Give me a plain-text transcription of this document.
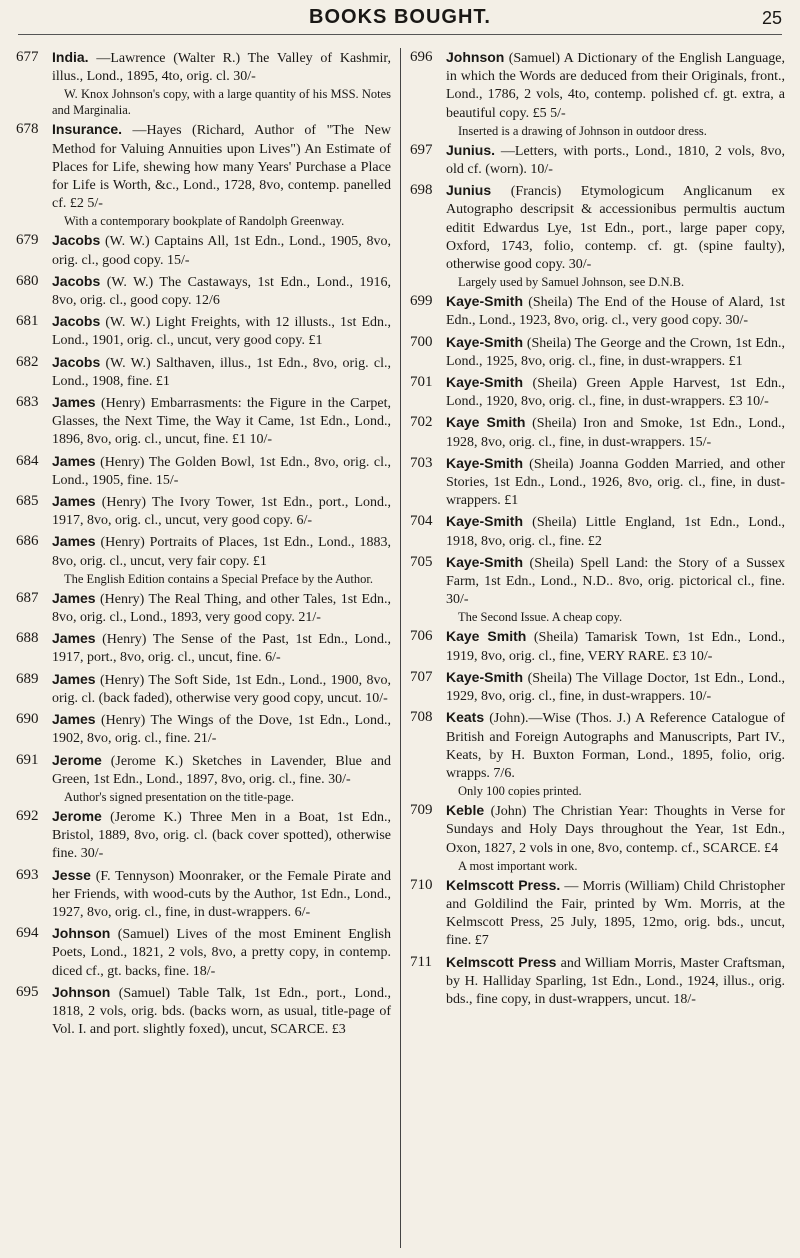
BOOKS BOUGHT.	25
677 India. —Lawrence (Walter R.) The Valley of Kashmir, illus., Lond., 1895, 4to, orig. cl. 30/-
W. Knox Johnson's copy, with a large quantity of his MSS. Notes and Marginalia.
678 Insurance. —Hayes (Richard, Author of "The New Method for Valuing Annuities upon Lives") An Estimate of Places for Life, shewing how many Years' Purchase a Place for Life is Worth, &c., Lond., 1728, 8vo, contemp. panelled cf. £2 5/-
With a contemporary bookplate of Randolph Greenway.
679 Jacobs (W. W.) Captains All, 1st Edn., Lond., 1905, 8vo, orig. cl., good copy. 15/-
680 Jacobs (W. W.) The Castaways, 1st Edn., Lond., 1916, 8vo, orig. cl., good copy. 12/6
681 Jacobs (W. W.) Light Freights, with 12 illusts., 1st Edn., Lond., 1901, orig. cl., uncut, very good copy. £1
682 Jacobs (W. W.) Salthaven, illus., 1st Edn., 8vo, orig. cl., Lond., 1908, fine. £1
683 James (Henry) Embarrasments: the Figure in the Carpet, Glasses, the Next Time, the Way it Came, 1st Edn., Lond., 1896, 8vo, orig. cl., uncut, fine. £1 10/-
684 James (Henry) The Golden Bowl, 1st Edn., 8vo, orig. cl., Lond., 1905, fine. 15/-
685 James (Henry) The Ivory Tower, 1st Edn., port., Lond., 1917, 8vo, orig. cl., uncut, very good copy. 6/-
686 James (Henry) Portraits of Places, 1st Edn., Lond., 1883, 8vo, orig. cl., uncut, very fair copy. £1
The English Edition contains a Special Preface by the Author.
687 James (Henry) The Real Thing, and other Tales, 1st Edn., 8vo, orig. cl., Lond., 1893, very good copy. 21/-
688 James (Henry) The Sense of the Past, 1st Edn., Lond., 1917, port., 8vo, orig. cl., uncut, fine. 6/-
689 James (Henry) The Soft Side, 1st Edn., Lond., 1900, 8vo, orig. cl. (back faded), otherwise very good copy, uncut. 10/-
690 James (Henry) The Wings of the Dove, 1st Edn., Lond., 1902, 8vo, orig. cl., fine. 21/-
691 Jerome (Jerome K.) Sketches in Lavender, Blue and Green, 1st Edn., Lond., 1897, 8vo, orig. cl., fine. 30/-
Author's signed presentation on the title-page.
692 Jerome (Jerome K.) Three Men in a Boat, 1st Edn., Bristol, 1889, 8vo, orig. cl. (back cover spotted), otherwise fine. 30/-
693 Jesse (F. Tennyson) Moonraker, or the Female Pirate and her Friends, with wood-cuts by the Author, 1st Edn., Lond., 1927, 8vo, orig. cl., fine, in dust-wrappers. 6/-
694 Johnson (Samuel) Lives of the most Eminent English Poets, Lond., 1821, 2 vols, 8vo, a pretty copy, in contemp. diced cf., gt. backs, fine. 18/-
695 Johnson (Samuel) Table Talk, 1st Edn., port., Lond., 1818, 2 vols, orig. bds. (backs worn, as usual, title-page of Vol. I. and port. slightly foxed), uncut, SCARCE. £3
696 Johnson (Samuel) A Dictionary of the English Language, in which the Words are deduced from their Originals, front., Lond., 1786, 2 vols, 4to, contemp. polished cf. gt. extra, a beautiful copy. £5 5/-
Inserted is a drawing of Johnson in outdoor dress.
697 Junius. —Letters, with ports., Lond., 1810, 2 vols, 8vo, old cf. (worn). 10/-
698 Junius (Francis) Etymologicum Anglicanum ex Autographo descripsit & accessionibus permultis auctum editit Edwardus Lye, 1st Edn., port., large paper copy, Oxford, 1743, folio, contemp. cf. gt. (spine faulty), otherwise good copy. 30/-
Largely used by Samuel Johnson, see D.N.B.
699 Kaye-Smith (Sheila) The End of the House of Alard, 1st Edn., Lond., 1923, 8vo, orig. cl., very good copy. 30/-
700 Kaye-Smith (Sheila) The George and the Crown, 1st Edn., Lond., 1925, 8vo, orig. cl., fine, in dust-wrappers. £1
701 Kaye-Smith (Sheila) Green Apple Harvest, 1st Edn., Lond., 1920, 8vo, orig. cl., fine, in dust-wrappers. £3 10/-
702 Kaye Smith (Sheila) Iron and Smoke, 1st Edn., Lond., 1928, 8vo, orig. cl., fine, in dust-wrappers. 15/-
703 Kaye-Smith (Sheila) Joanna Godden Married, and other Stories, 1st Edn., Lond., 1926, 8vo, orig. cl., fine, in dust-wrappers. £1
704 Kaye-Smith (Sheila) Little England, 1st Edn., Lond., 1918, 8vo, orig. cl., fine. £2
705 Kaye-Smith (Sheila) Spell Land: the Story of a Sussex Farm, 1st Edn., Lond., N.D.. 8vo, orig. pictorical cl., fine. 30/-
The Second Issue. A cheap copy.
706 Kaye Smith (Sheila) Tamarisk Town, 1st Edn., Lond., 1919, 8vo, orig. cl., fine, VERY RARE. £3 10/-
707 Kaye-Smith (Sheila) The Village Doctor, 1st Edn., Lond., 1929, 8vo, orig. cl., fine, in dust-wrappers. 10/-
708 Keats (John).—Wise (Thos. J.) A Reference Catalogue of British and Foreign Autographs and Manuscripts, Part IV., Keats, by H. Buxton Forman, Lond., 1895, folio, orig. wrapps. 7/6.
Only 100 copies printed.
709 Keble (John) The Christian Year: Thoughts in Verse for Sundays and Holy Days throughout the Year, 1st Edn., Oxon, 1827, 2 vols in one, 8vo, contemp. cf., SCARCE. £4
A most important work.
710 Kelmscott Press. — Morris (William) Child Christopher and Goldilind the Fair, printed by Wm. Morris, at the Kelmscott Press, 25 July, 1895, 12mo, orig. bds., uncut, fine. £7
711 Kelmscott Press and William Morris, Master Craftsman, by H. Halliday Sparling, 1st Edn., Lond., 1924, illus., orig. bds., fine copy, in dust-wrappers, uncut. 18/-
